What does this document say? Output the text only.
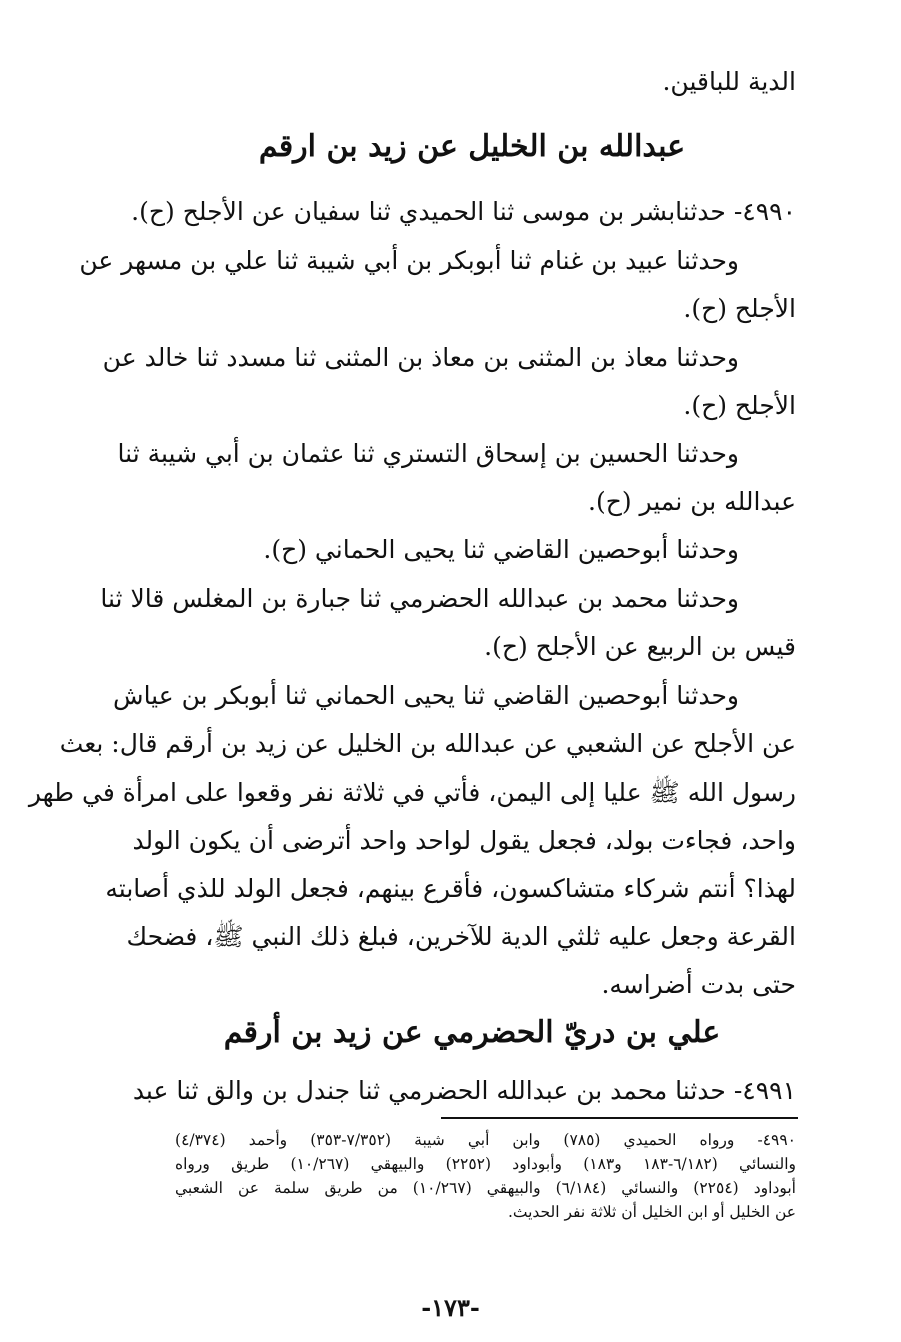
الدية للباقين.
عبدالله بن الخليل عن زيد بن ارقم
٤٩٩٠- حدثنابشر بن موسى ثنا الحميدي ثنا سفيان عن الأجلح (ح).
وحدثنا عبيد بن غنام ثنا أبوبكر بن أبي شيبة ثنا علي بن مسهر عن
الأجلح (ح).
وحدثنا معاذ بن المثنى بن معاذ بن المثنى ثنا مسدد ثنا خالد عن
الأجلح (ح).
وحدثنا الحسين بن إسحاق التستري ثنا عثمان بن أبي شيبة ثنا
عبدالله بن نمير (ح).
وحدثنا أبوحصين القاضي ثنا يحيى الحماني (ح).
وحدثنا محمد بن عبدالله الحضرمي ثنا جبارة بن المغلس قالا ثنا
قيس بن الربيع عن الأجلح (ح).
وحدثنا أبوحصين القاضي ثنا يحيى الحماني ثنا أبوبكر بن عياش
عن الأجلح عن الشعبي عن عبدالله بن الخليل عن زيد بن أرقم قال: بعث
رسول الله ﷺ عليا إلى اليمن، فأتي في ثلاثة نفر وقعوا على امرأة في طهر
واحد، فجاءت بولد، فجعل يقول لواحد واحد أترضى أن يكون الولد
لهذا؟ أنتم شركاء متشاكسون، فأقرع بينهم، فجعل الولد للذي أصابته
القرعة وجعل عليه ثلثي الدية للآخرين، فبلغ ذلك النبي ﷺ، فضحك
حتى بدت أضراسه.
علي بن دريّ الحضرمي عن زيد بن أرقم
٤٩٩١- حدثنا محمد بن عبدالله الحضرمي ثنا جندل بن والق ثنا عبد
٤٩٩٠- ورواه الحميدي (٧٨٥) وابن أبي شيبة (٧/٣٥٢-٣٥٣) وأحمد (٤/٣٧٤)
والنسائي (٦/١٨٢-١٨٣ و١٨٣) وأبوداود (٢٢٥٢) والبيهقي (١٠/٢٦٧) طريق ورواه
أبوداود (٢٢٥٤) والنسائي (٦/١٨٤) والبيهقي (١٠/٢٦٧) من طريق سلمة عن الشعبي
عن الخليل أو ابن الخليل أن ثلاثة نفر الحديث.
-١٧٣-
